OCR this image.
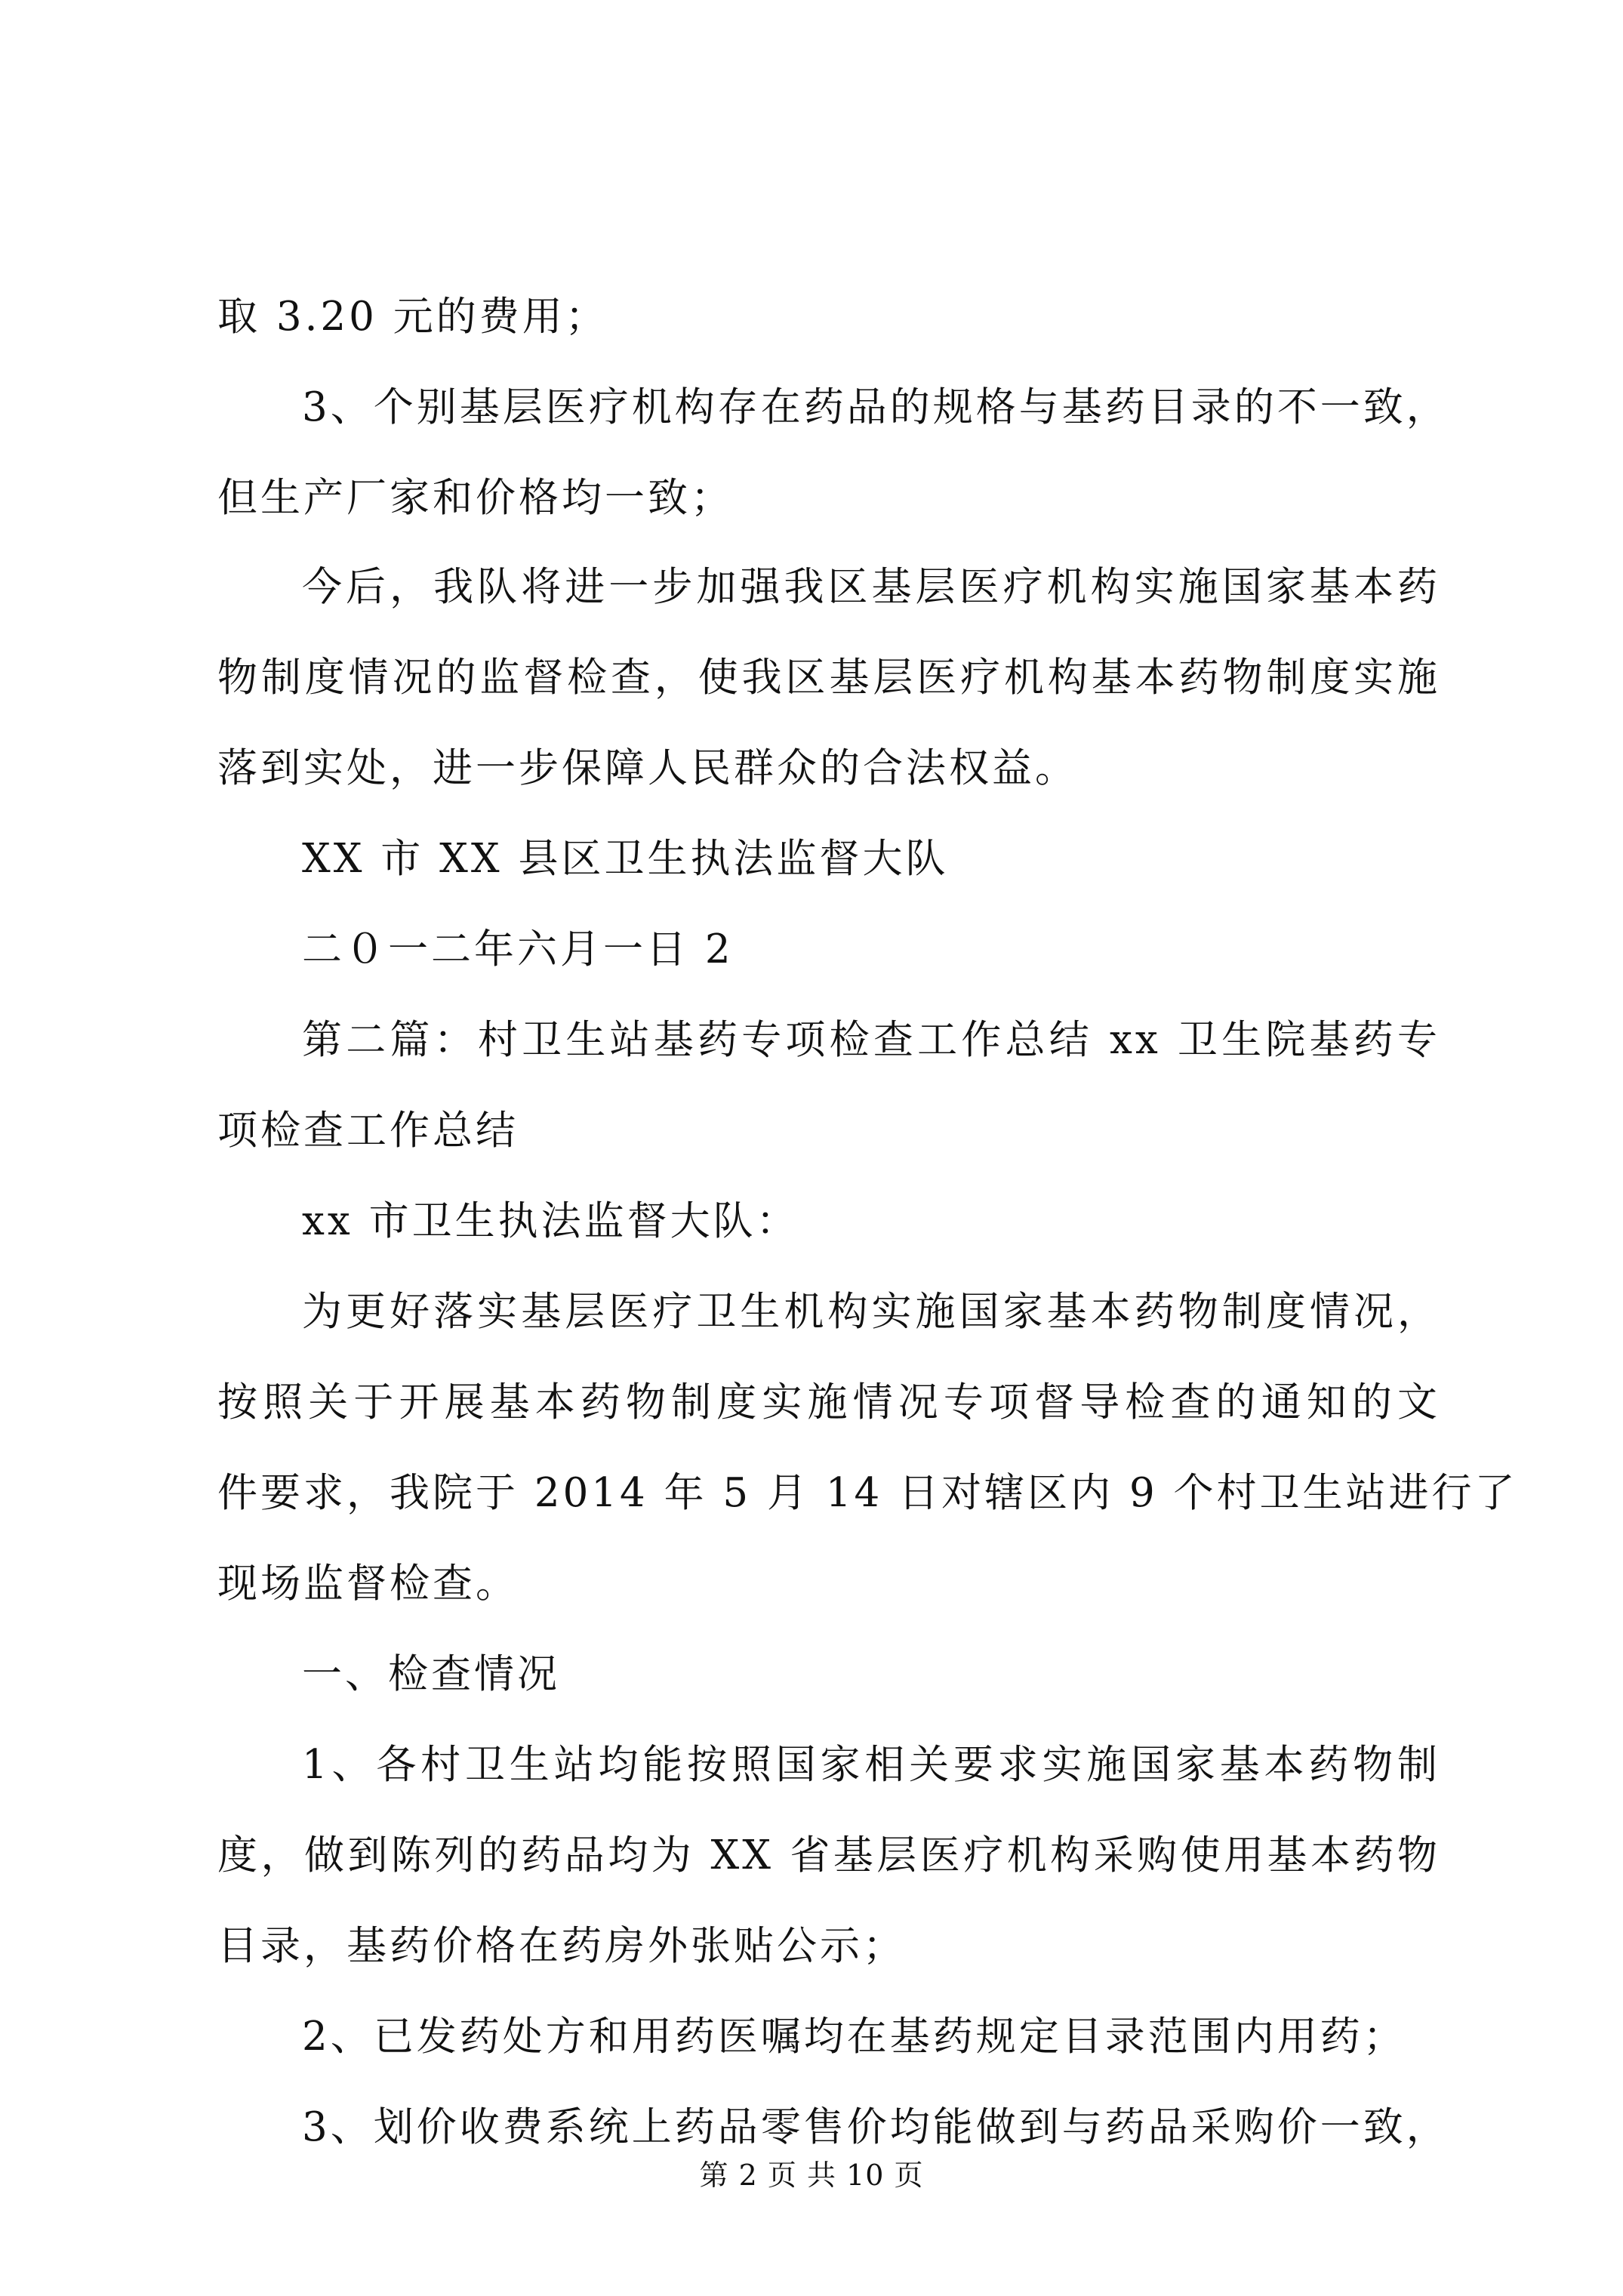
取 3.20 元的费用；
3、个别基层医疗机构存在药品的规格与基药目录的不一致，
但生产厂家和价格均一致；
今后，我队将进一步加强我区基层医疗机构实施国家基本药
物制度情况的监督检查，使我区基层医疗机构基本药物制度实施
落到实处，进一步保障人民群众的合法权益。
XX 市 XX 县区卫生执法监督大队
二０一二年六月一日 2
第二篇：村卫生站基药专项检查工作总结 xx 卫生院基药专
项检查工作总结
xx 市卫生执法监督大队：
为更好落实基层医疗卫生机构实施国家基本药物制度情况，
按照关于开展基本药物制度实施情况专项督导检查的通知的文
件要求，我院于 2014 年 5 月 14 日对辖区内 9 个村卫生站进行了
现场监督检查。
一、检查情况
1、各村卫生站均能按照国家相关要求实施国家基本药物制
度，做到陈列的药品均为 XX 省基层医疗机构采购使用基本药物
目录，基药价格在药房外张贴公示；
2、已发药处方和用药医嘱均在基药规定目录范围内用药；
3、划价收费系统上药品零售价均能做到与药品采购价一致，
第 2 页 共 10 页
